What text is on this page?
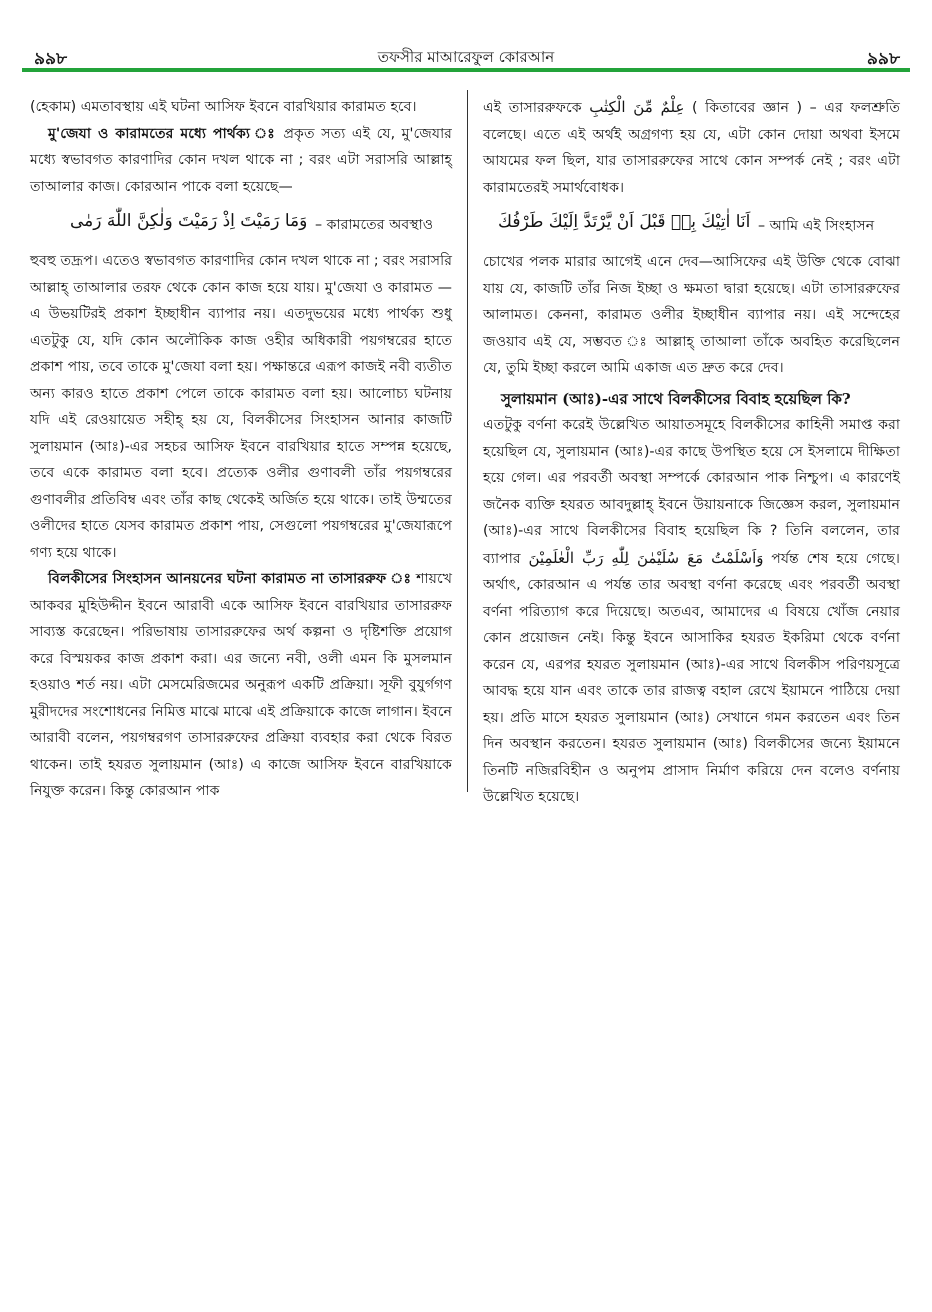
৯৯৮	তফসীর মাআরেফুল কোরআন	৯৯৮

(হেকাম) এমতাবস্থায় এই ঘটনা আসিফ ইবনে বারখিয়ার কারামত হবে।

মু'জেযা ও কারামতের মধ্যে পার্থক্য ঃ প্রকৃত সত্য এই যে, মু'জেযার মধ্যে স্বভাবগত কারণাদির কোন দখল থাকে না ; বরং এটা সরাসরি আল্লাহ্ তাআলার কাজ। কোরআন পাকে বলা হয়েছে—

وَمَا رَمَيْتَ اِذْ رَمَيْتَ وَلٰكِنَّ اللّٰهَ رَمٰى – কারামতের অবস্থাও

হুবহু তদ্রূপ। এতেও স্বভাবগত কারণাদির কোন দখল থাকে না ; বরং সরাসরি আল্লাহ্ তাআলার তরফ থেকে কোন কাজ হয়ে যায়। মু'জেযা ও কারামত — এ উভয়টিরই প্রকাশ ইচ্ছাধীন ব্যাপার নয়। এতদুভয়ের মধ্যে পার্থক্য শুধু এতটুকু যে, যদি কোন অলৌকিক কাজ ওহীর অধিকারী পয়গম্বরের হাতে প্রকাশ পায়, তবে তাকে মু'জেযা বলা হয়। পক্ষান্তরে এরূপ কাজই নবী ব্যতীত অন্য কারও হাতে প্রকাশ পেলে তাকে কারামত বলা হয়। আলোচ্য ঘটনায় যদি এই রেওয়ায়েত সহীহ্ হয় যে, বিলকীসের সিংহাসন আনার কাজটি সুলায়মান (আঃ)-এর সহচর আসিফ ইবনে বারখিয়ার হাতে সম্পন্ন হয়েছে, তবে একে কারামত বলা হবে। প্রত্যেক ওলীর গুণাবলী তাঁর পয়গম্বরের গুণাবলীর প্রতিবিম্ব এবং তাঁর কাছ থেকেই অর্জিত হয়ে থাকে। তাই উম্মতের ওলীদের হাতে যেসব কারামত প্রকাশ পায়, সেগুলো পয়গম্বরের মু'জেযারূপে গণ্য হয়ে থাকে।

বিলকীসের সিংহাসন আনয়নের ঘটনা কারামত না তাসাররুফ ঃ শায়খে আকবর মুহিউদ্দীন ইবনে আরাবী একে আসিফ ইবনে বারখিয়ার তাসাররুফ সাব্যস্ত করেছেন। পরিভাষায় তাসাররুফের অর্থ কল্পনা ও দৃষ্টিশক্তি প্রয়োগ করে বিস্ময়কর কাজ প্রকাশ করা। এর জন্যে নবী, ওলী এমন কি মুসলমান হওয়াও শর্ত নয়। এটা মেসমেরিজমের অনুরূপ একটি প্রক্রিয়া। সূফী বুযুর্গগণ মুরীদদের সংশোধনের নিমিত্ত মাঝে মাঝে এই প্রক্রিয়াকে কাজে লাগান। ইবনে আরাবী বলেন, পয়গম্বরগণ তাসাররুফের প্রক্রিয়া ব্যবহার করা থেকে বিরত থাকেন। তাই হযরত সুলায়মান (আঃ) এ কাজে আসিফ ইবনে বারখিয়াকে নিযুক্ত করেন। কিন্তু কোরআন পাক

এই তাসাররুফকে عِلْمٌ مِّنَ الْكِتٰبِ ( কিতাবের জ্ঞান ) – এর ফলশ্রুতি বলেছে। এতে এই অর্থই অগ্রগণ্য হয় যে, এটা কোন দোয়া অথবা ইসমে আযমের ফল ছিল, যার তাসাররুফের সাথে কোন সম্পর্ক নেই ; বরং এটা কারামতেরই সমার্থবোধক।

اَنَا اٰتِيْكَ بِهٖ قَبْلَ اَنْ يَّرْتَدَّ اِلَيْكَ طَرْفُكَ – আমি এই সিংহাসন

চোখের পলক মারার আগেই এনে দেব—আসিফের এই উক্তি থেকে বোঝা যায় যে, কাজটি তাঁর নিজ ইচ্ছা ও ক্ষমতা দ্বারা হয়েছে। এটা তাসাররুফের আলামত। কেননা, কারামত ওলীর ইচ্ছাধীন ব্যাপার নয়। এই সন্দেহের জওয়াব এই যে, সম্ভবত ঃ আল্লাহ্ তাআলা তাঁকে অবহিত করেছিলেন যে, তুমি ইচ্ছা করলে আমি একাজ এত দ্রুত করে দেব।

সুলায়মান (আঃ)-এর সাথে বিলকীসের বিবাহ হয়েছিল কি?

এতটুকু বর্ণনা করেই উল্লেখিত আয়াতসমূহে বিলকীসের কাহিনী সমাপ্ত করা হয়েছিল যে, সুলায়মান (আঃ)-এর কাছে উপস্থিত হয়ে সে ইসলামে দীক্ষিতা হয়ে গেল। এর পরবর্তী অবস্থা সম্পর্কে কোরআন পাক নিশ্চুপ। এ কারণেই জনৈক ব্যক্তি হযরত আবদুল্লাহ্ ইবনে উয়ায়নাকে জিজ্ঞেস করল, সুলায়মান (আঃ)-এর সাথে বিলকীসের বিবাহ হয়েছিল কি ? তিনি বললেন, তার ব্যাপার وَاَسْلَمْتُ مَعَ سُلَيْمٰنَ لِلّٰهِ رَبِّ الْعٰلَمِيْنَ পর্যন্ত শেষ হয়ে গেছে। অর্থাৎ, কোরআন এ পর্যন্ত তার অবস্থা বর্ণনা করেছে এবং পরবর্তী অবস্থা বর্ণনা পরিত্যাগ করে দিয়েছে। অতএব, আমাদের এ বিষয়ে খোঁজ নেয়ার কোন প্রয়োজন নেই। কিন্তু ইবনে আসাকির হযরত ইকরিমা থেকে বর্ণনা করেন যে, এরপর হযরত সুলায়মান (আঃ)-এর সাথে বিলকীস পরিণয়সূত্রে আবদ্ধ হয়ে যান এবং তাকে তার রাজত্ব বহাল রেখে ইয়ামনে পাঠিয়ে দেয়া হয়। প্রতি মাসে হযরত সুলায়মান (আঃ) সেখানে গমন করতেন এবং তিন দিন অবস্থান করতেন। হযরত সুলায়মান (আঃ) বিলকীসের জন্যে ইয়ামনে তিনটি নজিরবিহীন ও অনুপম প্রাসাদ নির্মাণ করিয়ে দেন বলেও বর্ণনায় উল্লেখিত হয়েছে।
